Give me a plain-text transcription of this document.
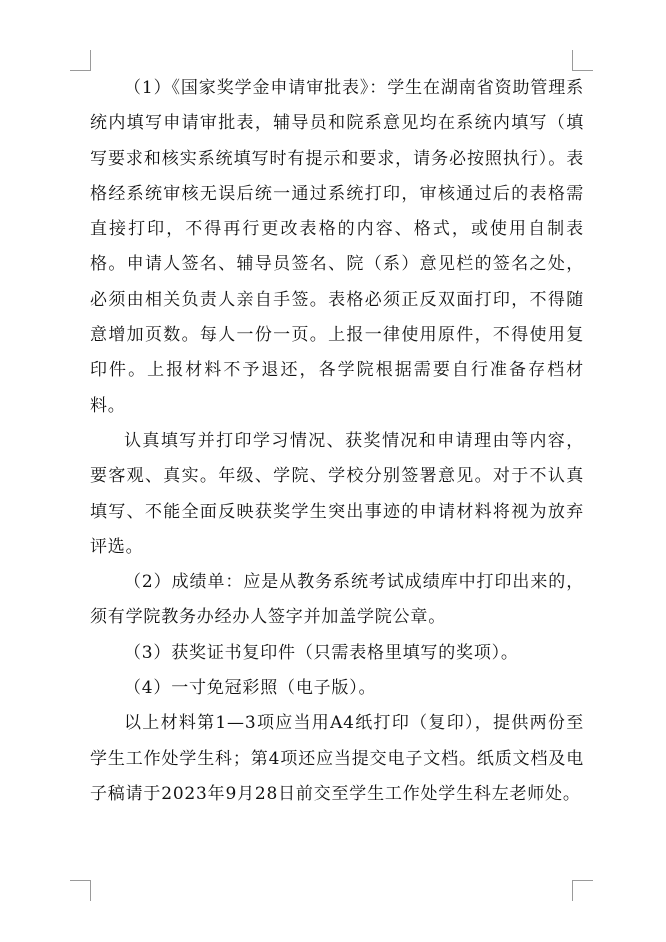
（1）《国家奖学金申请审批表》：学生在湖南省资助管理系统内填写申请审批表，辅导员和院系意见均在系统内填写（填写要求和核实系统填写时有提示和要求，请务必按照执行）。表格经系统审核无误后统一通过系统打印，审核通过后的表格需直接打印，不得再行更改表格的内容、格式，或使用自制表格。申请人签名、辅导员签名、院（系）意见栏的签名之处，必须由相关负责人亲自手签。表格必须正反双面打印，不得随意增加页数。每人一份一页。上报一律使用原件，不得使用复印件。上报材料不予退还，各学院根据需要自行准备存档材料。

认真填写并打印学习情况、获奖情况和申请理由等内容，要客观、真实。年级、学院、学校分别签署意见。对于不认真填写、不能全面反映获奖学生突出事迹的申请材料将视为放弃评选。

（2）成绩单：应是从教务系统考试成绩库中打印出来的，须有学院教务办经办人签字并加盖学院公章。

（3）获奖证书复印件（只需表格里填写的奖项）。

（4）一寸免冠彩照（电子版）。

以上材料第1—3项应当用A4纸打印（复印），提供两份至学生工作处学生科；第4项还应当提交电子文档。纸质文档及电子稿请于2023年9月28日前交至学生工作处学生科左老师处。
